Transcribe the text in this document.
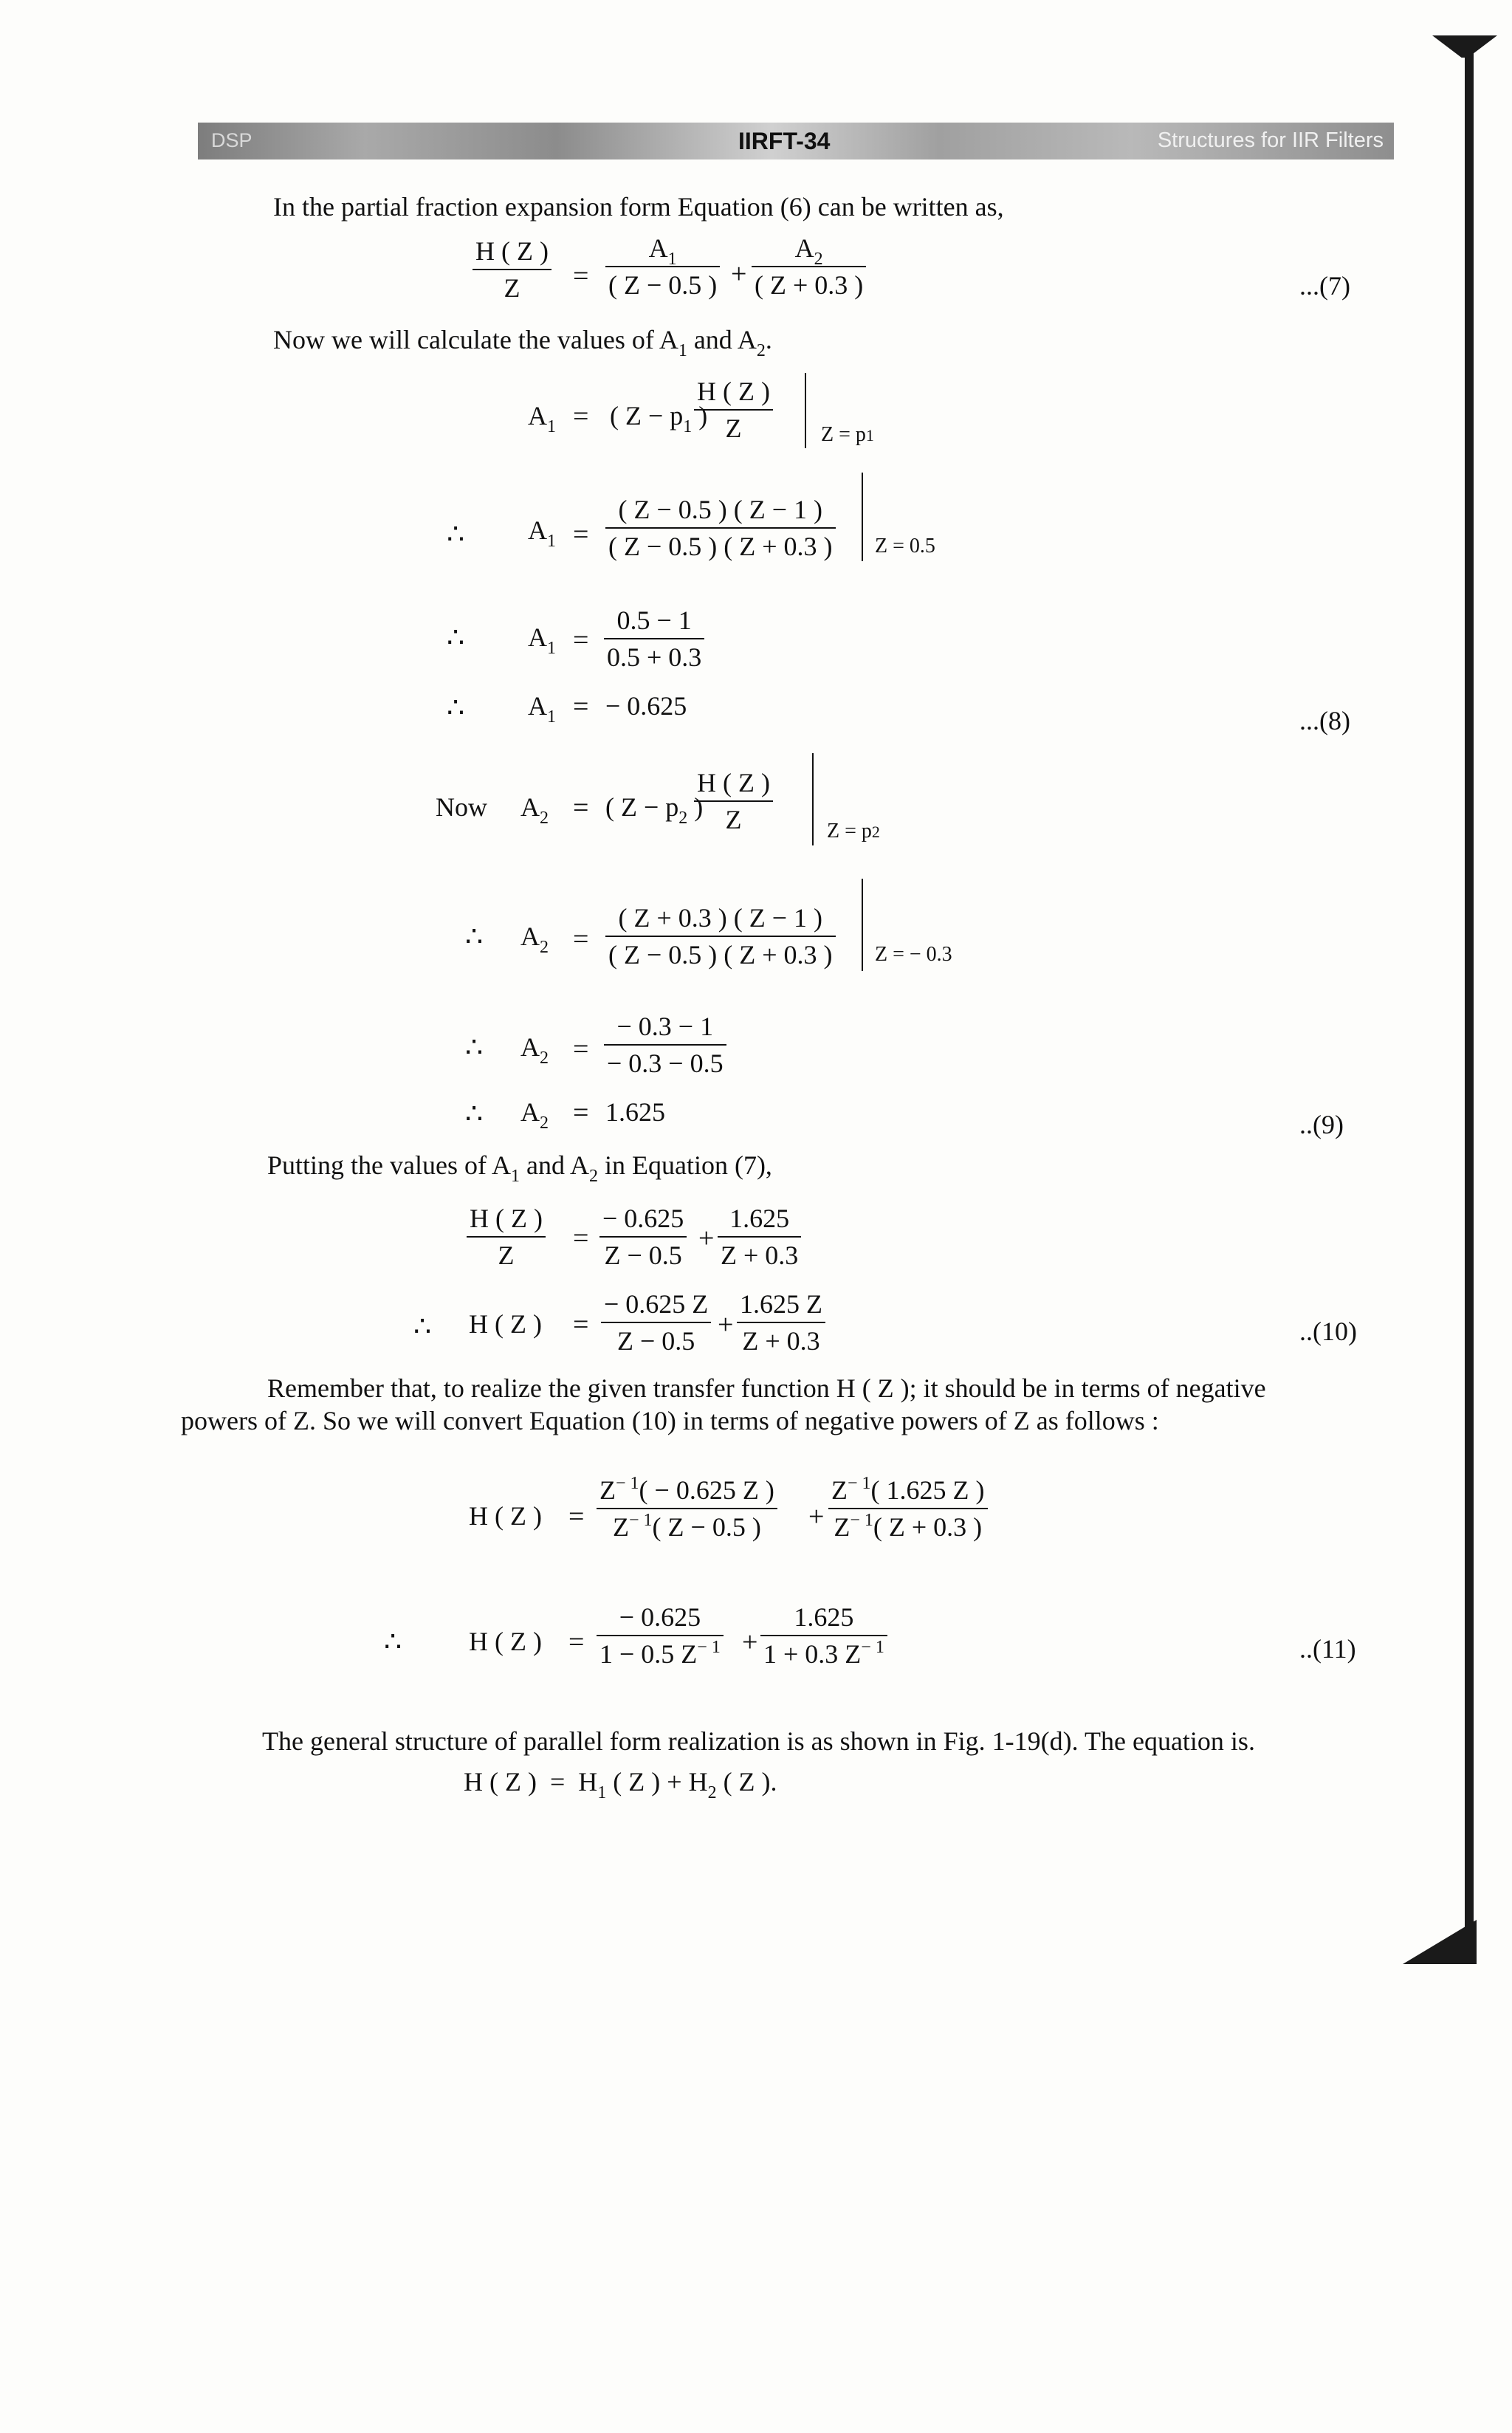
DSP	IIRFT-34	Structures for IIR Filters
In the partial fraction expansion form Equation (6) can be written as,
$\frac{H ( Z )}{Z} = \frac{A_1}{( Z - 0.5 )} + \frac{A_2}{( Z + 0.3 )}$	...(7)
Now we will calculate the values of $A_1$ and $A_2$.
$A_1$ = ( $Z - p_1$ )
$\frac{H ( Z )}{Z}$ Z = p1
∴ $A_1 = \frac{( Z - 0.5 ) ( Z - 1 )}{( Z - 0.5 ) ( Z + 0.3 )}$ Z = 0.5
∴ $A_1 = \frac{0.5 - 1}{0.5 + 0.3}$
∴ $A_1$ = − 0.625	...(8)
Now $A_2$ = ( $Z - p_2$ )
$\frac{H ( Z )}{Z}$	Z = p2
∴ $A_2 = \frac{( Z + 0.3 ) ( Z - 1 )}{( Z - 0.5 ) ( Z + 0.3 )}$ Z = − 0.3
∴ $A_2 = \frac{- 0.3 - 1}{- 0.3 - 0.5}$
∴ $A_2 = 1.625$	..(9)
Putting the values of $A_1$ and $A_2$ in Equation (7),
$\frac{H ( Z )}{Z} = \frac{- 0.625}{Z - 0.5} + \frac{1.625}{Z + 0.3}$
∴ H ( Z ) = $\frac{- 0.625 Z}{Z - 0.5} + \frac{1.625 Z}{Z + 0.3}$	..(10)
Remember that, to realize the given transfer function H ( Z ); it should be in terms of negative
powers of Z. So we will convert Equation (10) in terms of negative powers of Z as follows :
H ( Z ) = $\frac{Z^{- 1}( - 0.625 Z )}{Z^{- 1}( Z - 0.5 )} + \frac{Z^{- 1}( 1.625 Z )}{Z^{- 1}( Z + 0.3 )}$
∴	H ( Z ) = $\frac{- 0.625}{1 - 0.5 Z^{- 1}} + \frac{1.625}{1 + 0.3 Z^{- 1}}$	..(11)
The general structure of parallel form realization is as shown in Fig. 1-19(d). The equation is.
H ( Z ) = $H_1$ ( Z ) + $H_2$ ( Z ).
